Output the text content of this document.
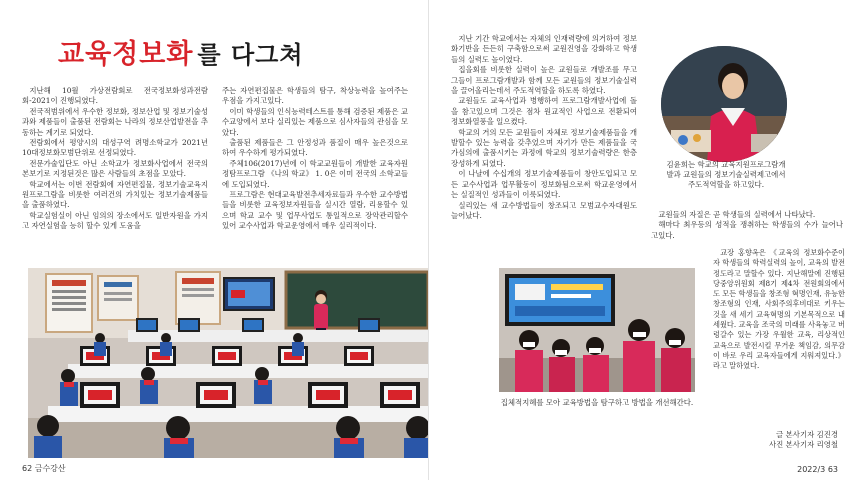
교육정보화 를 다그쳐

지난해 10월 가상전람회로 전국정보화성과전람회-2021이 진행되였다.

전국적범위에서 우수한 정보화, 정보산업 및 정보기술성과와 제품들이 출품된 전람회는 나라의 정보산업발전을 추동하는 계기로 되였다.

전람회에서 평양시의 대성구역 려명소학교가 2021년 10대정보화모범단위로 선정되였다.

전문가술입단도 아닌 소학교가 정보화사업에서 전국의 본보기로 지정된것은 많은 사람들의 초점을 모았다.

학교에서는 이번 전람회에 자연편집물, 정보기술교육지원프로그람을 비롯한 여러건의 가치있는 정보기술제품들을 출품하였다.

학교실험실이 아닌 임의의 장소에서도 일반자원을 가지고 자연실험을 능히 할수 있게 도움을

주는 자연편집물은 학생들의 탐구, 착상능력을 높여주는 우점을 가지고있다.

이미 학생들의 인식능력테스트를 통해 검증된 제품은 교수교양에서 보다 실리있는 제품으로 심사자들의 관심을 모았다.

출품된 제품들은 그 안정성과 품질이 매우 높은것으로 하여 우수하게 평가되였다.

주체106(2017)년에 이 학교교원들이 개발한 교육자원정탐프로그람 《나의 학교》 1. 0은 이미 전국의 소학교들에 도입되였다.

프로그람은 현대교육발전추세자료들과 우수한 교수방법들을 비롯한 교육정보자원들을 실시간 열람, 리용할수 있으며 학교 교수 및 업무사업도 통일적으로 장악관리할수 있어 교수사업과 학교운영에서 매우 실리적이다.

62 금수강산

지난 기간 학교에서는 자체의 인재력량에 의거하여 정보화기반을 든든히 구축함으로써 교원진영을 강화하고 학생들의 실력도 높이였다.

집을회를 비롯한 실력이 높은 교원들로 개발조를 무고 그들이 프로그람개발과 함께 모든 교원들의 정보기술실력을 끌어올리는데서 주도적역할을 하도록 하였다.

교원들도 교육사업과 병행하여 프로그람개발사업에 돌을 참고있으며 그것은 점차 원교적인 사업으로 전환되여 정보화열풍을 일으켰다.

학교의 거의 모든 교원들이 자체로 정보기술제품들을 개발할수 있는 능력을 갖추었으며 자기가 만든 제품들을 국가심의에 출품시키는 과정에 학교의 정보기술력량은 한층 장성하게 되였다.

이 나날에 수십개의 정보기술제품들이 창안도입되고 모든 교수사업과 업무활동이 정보화됨으로써 학교운영에서는 실질적인 성과들이 이룩되였다.

실리있는 새 교수방법들이 창조되고 모범교수자대원도 늘어났다.

김윤희는 학교의 교육지원프로그람개발과 교원들의 정보기술실력제고에서 주도적역할을 하고있다.

교원들의 자질은 곧 학생들의 실력에서 나타났다.

해마다 최우등의 성적을 쟁취하는 학생들의 수가 늘어나고있다.

집체적지혜를 모아 교육방법을 탐구하고 방법을 개선해간다.

교장 홍향옥은 《교육의 정보화수준이자 학생들의 학력실력의 높이, 교육의 발전정도라고 말할수 있다. 지난해말에 진행된 당중앙위원회 제8기 제4차 전원회의에서도 모든 학생들을 창조형 혁명인재, 유능한 창조형의 인재, 사회주의후비대로 키우는것을 새 세기 교육혁명의 기본목적으로 내세웠다. 교육을 조국의 미래를 사육놓고 버렁갈수 있는 가장 우월한 교육, 리상적인 교육으로 발전시킬 무거운 책임감, 의무감이 바로 우리 교육자들에게 지워져있다.》라고 말하였다.

글 본사기자 김진경
사진 본사기자 리영철
2022/3 63
